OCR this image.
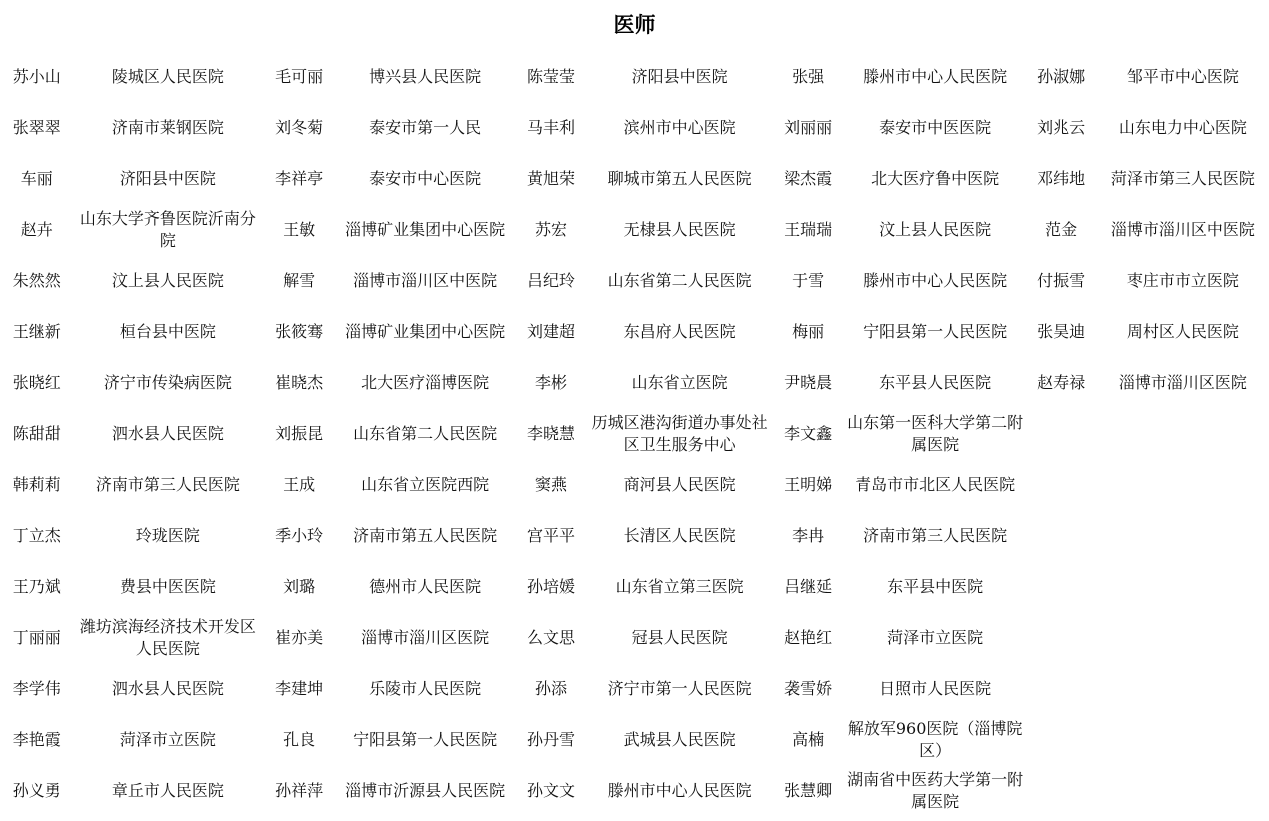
医师
苏小山	陵城区人民医院	毛可丽	博兴县人民医院	陈莹莹	济阳县中医院	张强	滕州市中心人民医院	孙淑娜	邹平市中心医院
张翠翠	济南市莱钢医院	刘冬菊	泰安市第一人民	马丰利	滨州市中心医院	刘丽丽	泰安市中医医院	刘兆云	山东电力中心医院
车丽	济阳县中医院	李祥亭	泰安市中心医院	黄旭荣	聊城市第五人民医院	梁杰霞	北大医疗鲁中医院	邓纬地	菏泽市第三人民医院
赵卉	山东大学齐鲁医院沂南分院	王敏	淄博矿业集团中心医院	苏宏	无棣县人民医院	王瑞瑞	汶上县人民医院	范金	淄博市淄川区中医院
朱然然	汶上县人民医院	解雪	淄博市淄川区中医院	吕纪玲	山东省第二人民医院	于雪	滕州市中心人民医院	付振雪	枣庄市市立医院
王继新	桓台县中医院	张筱骞	淄博矿业集团中心医院	刘建超	东昌府人民医院	梅丽	宁阳县第一人民医院	张昊迪	周村区人民医院
张晓红	济宁市传染病医院	崔晓杰	北大医疗淄博医院	李彬	山东省立医院	尹晓晨	东平县人民医院	赵寿禄	淄博市淄川区医院
陈甜甜	泗水县人民医院	刘振昆	山东省第二人民医院	李晓慧	历城区港沟街道办事处社区卫生服务中心	李文鑫	山东第一医科大学第二附属医院		
韩莉莉	济南市第三人民医院	王成	山东省立医院西院	窦燕	商河县人民医院	王明娣	青岛市市北区人民医院		
丁立杰	玲珑医院	季小玲	济南市第五人民医院	宫平平	长清区人民医院	李冉	济南市第三人民医院		
王乃斌	费县中医医院	刘璐	德州市人民医院	孙培媛	山东省立第三医院	吕继延	东平县中医院		
丁丽丽	潍坊滨海经济技术开发区人民医院	崔亦美	淄博市淄川区医院	么文思	冠县人民医院	赵艳红	菏泽市立医院		
李学伟	泗水县人民医院	李建坤	乐陵市人民医院	孙添	济宁市第一人民医院	袭雪娇	日照市人民医院		
李艳霞	菏泽市立医院	孔良	宁阳县第一人民医院	孙丹雪	武城县人民医院	高楠	解放军960医院（淄博院区）		
孙义勇	章丘市人民医院	孙祥萍	淄博市沂源县人民医院	孙文文	滕州市中心人民医院	张慧卿	湖南省中医药大学第一附属医院		
